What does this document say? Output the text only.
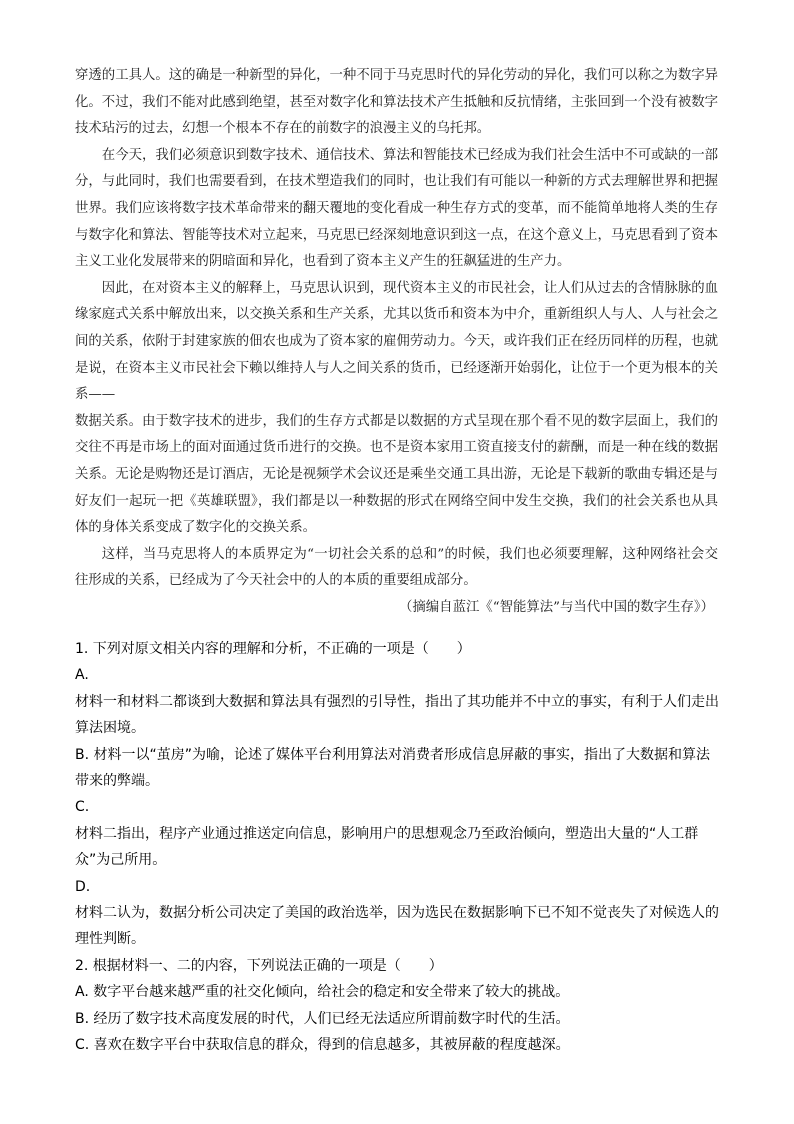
穿透的工具人。这的确是一种新型的异化，一种不同于马克思时代的异化劳动的异化，我们可以称之为数字异化。不过，我们不能对此感到绝望，甚至对数字化和算法技术产生抵触和反抗情绪，主张回到一个没有被数字技术玷污的过去，幻想一个根本不存在的前数字的浪漫主义的乌托邦。

在今天，我们必须意识到数字技术、通信技术、算法和智能技术已经成为我们社会生活中不可或缺的一部分，与此同时，我们也需要看到，在技术塑造我们的同时，也让我们有可能以一种新的方式去理解世界和把握世界。我们应该将数字技术革命带来的翻天覆地的变化看成一种生存方式的变革，而不能简单地将人类的生存与数字化和算法、智能等技术对立起来，马克思已经深刻地意识到这一点，在这个意义上，马克思看到了资本主义工业化发展带来的阴暗面和异化，也看到了资本主义产生的狂飙猛进的生产力。

因此，在对资本主义的解释上，马克思认识到，现代资本主义的市民社会，让人们从过去的含情脉脉的血缘家庭式关系中解放出来，以交换关系和生产关系，尤其以货币和资本为中介，重新组织人与人、人与社会之间的关系，依附于封建家族的佃农也成为了资本家的雇佣劳动力。今天，或许我们正在经历同样的历程，也就是说，在资本主义市民社会下赖以维持人与人之间关系的货币，已经逐渐开始弱化，让位于一个更为根本的关系——

数据关系。由于数字技术的进步，我们的生存方式都是以数据的方式呈现在那个看不见的数字层面上，我们的交往不再是市场上的面对面通过货币进行的交换。也不是资本家用工资直接支付的薪酬，而是一种在线的数据关系。无论是购物还是订酒店，无论是视频学术会议还是乘坐交通工具出游，无论是下载新的歌曲专辑还是与好友们一起玩一把《英雄联盟》，我们都是以一种数据的形式在网络空间中发生交换，我们的社会关系也从具体的身体关系变成了数字化的交换关系。

这样，当马克思将人的本质界定为“一切社会关系的总和”的时候，我们也必须要理解，这种网络社会交往形成的关系，已经成为了今天社会中的人的本质的重要组成部分。

（摘编自蓝江《“智能算法”与当代中国的数字生存》）

1. 下列对原文相关内容的理解和分析，不正确的一项是（　　）

A.

材料一和材料二都谈到大数据和算法具有强烈的引导性，指出了其功能并不中立的事实，有利于人们走出算法困境。

B. 材料一以“茧房”为喻，论述了媒体平台利用算法对消费者形成信息屏蔽的事实，指出了大数据和算法带来的弊端。

C.

材料二指出，程序产业通过推送定向信息，影响用户的思想观念乃至政治倾向，塑造出大量的“人工群众”为己所用。

D.

材料二认为，数据分析公司决定了美国的政治选举，因为选民在数据影响下已不知不觉丧失了对候选人的理性判断。

2. 根据材料一、二的内容，下列说法正确的一项是（　　）

A. 数字平台越来越严重的社交化倾向，给社会的稳定和安全带来了较大的挑战。

B. 经历了数字技术高度发展的时代，人们已经无法适应所谓前数字时代的生活。

C. 喜欢在数字平台中获取信息的群众，得到的信息越多，其被屏蔽的程度越深。
